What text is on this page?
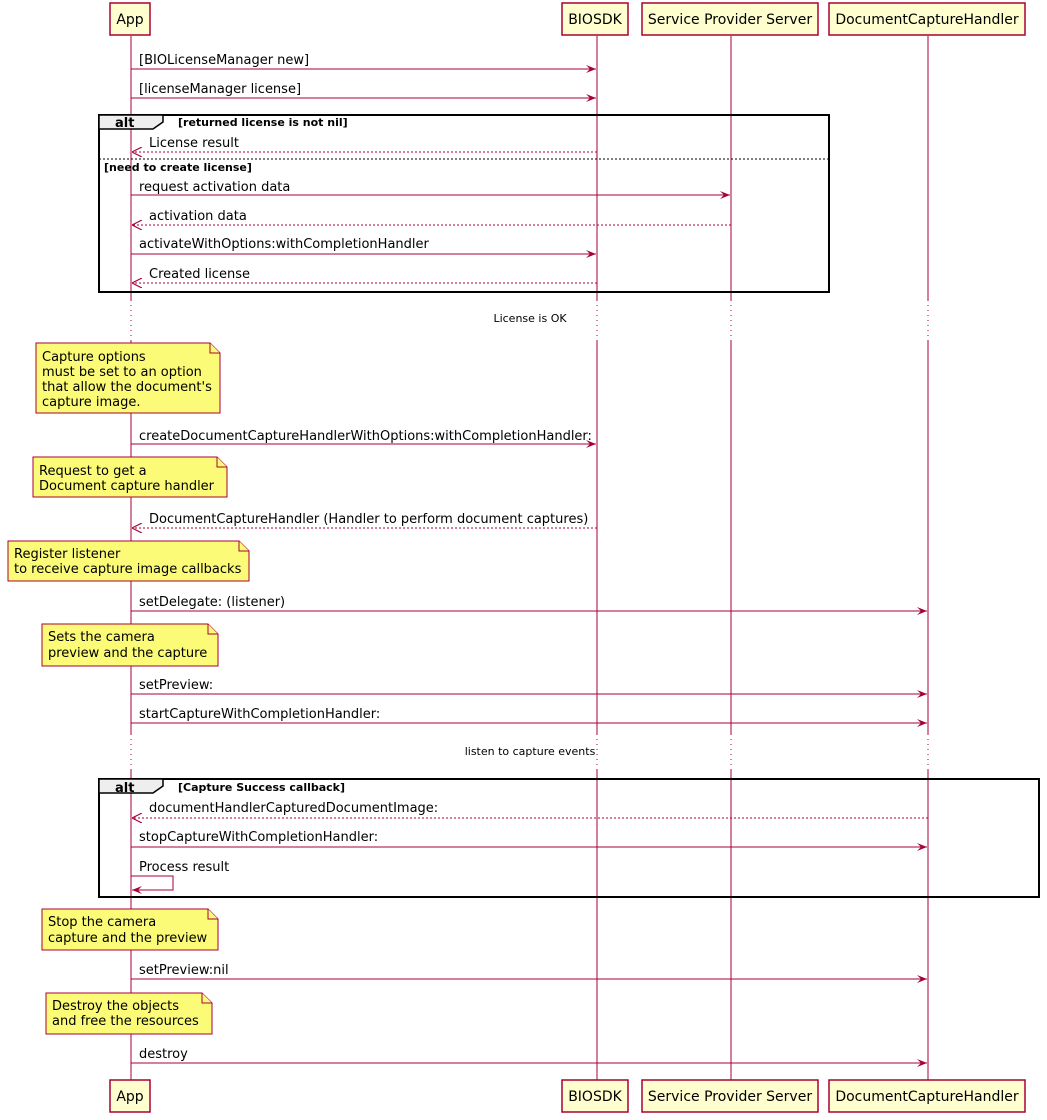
License is OK
listen to capture events
App	BIOSDK Service Provider Server DocumentCaptureHandler
App	BIOSDK Service Provider Server DocumentCaptureHandler
alt	[returned license is not nil]
[need to create license]
alt	[Capture Success callback]
[BIOLicenseManager new]
[licenseManager license]
License result
request activation data
activation data
activateWithOptions:withCompletionHandler
Created license
createDocumentCaptureHandlerWithOptions:withCompletionHandler:
DocumentCaptureHandler (Handler to perform document captures)
setDelegate: (listener)
setPreview:
startCaptureWithCompletionHandler:
documentHandlerCapturedDocumentImage:
stopCaptureWithCompletionHandler:
Process result
setPreview:nil
destroy
Capture options
must be set to an option
that allow the document's
capture image.
Request to get a
Document capture handler
Register listener
to receive capture image callbacks
Sets the camera
preview and the capture
Stop the camera
capture and the preview
Destroy the objects
and free the resources
